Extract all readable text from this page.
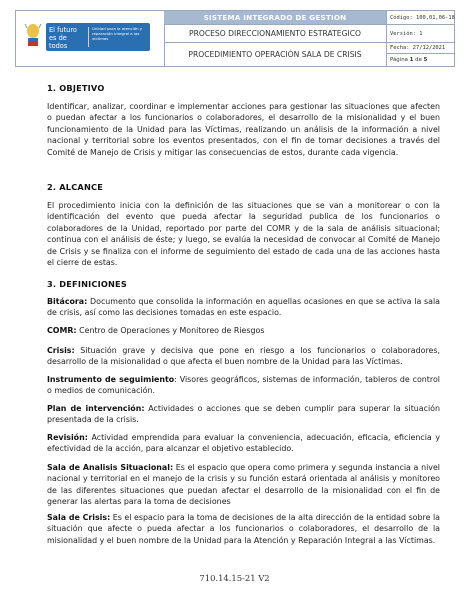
El futuro
es de todos
Unidad para la atención y reparación integral a las víctimas
SISTEMA INTEGRADO DE GESTION
PROCESO DIRECCIONAMIENTO ESTRATEGICO
PROCEDIMIENTO OPERACIÓN SALA DE CRISIS
Código: 100,01,06-18
Versión: 1
Fecha: 27/12/2021
Página 1 de 5
1. OBJETIVO
Identificar, analizar, coordinar e implementar acciones para gestionar las situaciones que afecten o puedan afectar a los funcionarios o colaboradores, el desarrollo de la misionalidad y el buen funcionamiento de la Unidad para las Víctimas, realizando un análisis de la información a nivel nacional y territorial sobre los eventos presentados, con el fin de tomar decisiones a través del Comité de Manejo de Crisis y mitigar las consecuencias de estos, durante cada vigencia.
2. ALCANCE
El procedimiento inicia con la definición de las situaciones que se van a monitorear o con la identificación del evento que pueda afectar la seguridad publica de los funcionarios o colaboradores de la Unidad, reportado por parte del COMR y de la sala de análisis situacional; continua con el análisis de éste; y luego, se evalúa la necesidad de convocar al Comité de Manejo de Crisis y se finaliza con el informe de seguimiento del estado de cada una de las acciones hasta el cierre de estas.
3. DEFINICIONES
Bitácora: Documento que consolida la información en aquellas ocasiones en que se activa la sala de crisis, así como las decisiones tomadas en este espacio.
COMR: Centro de Operaciones y Monitoreo de Riesgos
Crisis: Situación grave y decisiva que pone en riesgo a los funcionarios o colaboradores, desarrollo de la misionalidad o que afecta el buen nombre de la Unidad para las Víctimas.
Instrumento de seguimiento: Visores geográficos, sistemas de información, tableros de control o medios de comunicación.
Plan de intervención: Actividades o acciones que se deben cumplir para superar la situación presentada de la crisis.
Revisión: Actividad emprendida para evaluar la conveniencia, adecuación, eficacia, eficiencia y efectividad de la acción, para alcanzar el objetivo establecido.
Sala de Analisis Situacional: Es el espacio que opera como primera y segunda instancia a nivel nacional y territorial en el manejo de la crisis y su función estará orientada al análisis y monitoreo de las diferentes situaciones que puedan afectar el desarrollo de la misionalidad con el fin de generar las alertas para la toma de decisiones
Sala de Crisis: Es el espacio para la toma de decisiones de la alta dirección de la entidad sobre la situación que afecte o pueda afectar a los funcionarios o colaboradores, el desarrollo de la misionalidad y el buen nombre de la Unidad para la Atención y Reparación Integral a las Víctimas.
710.14.15-21 V2
